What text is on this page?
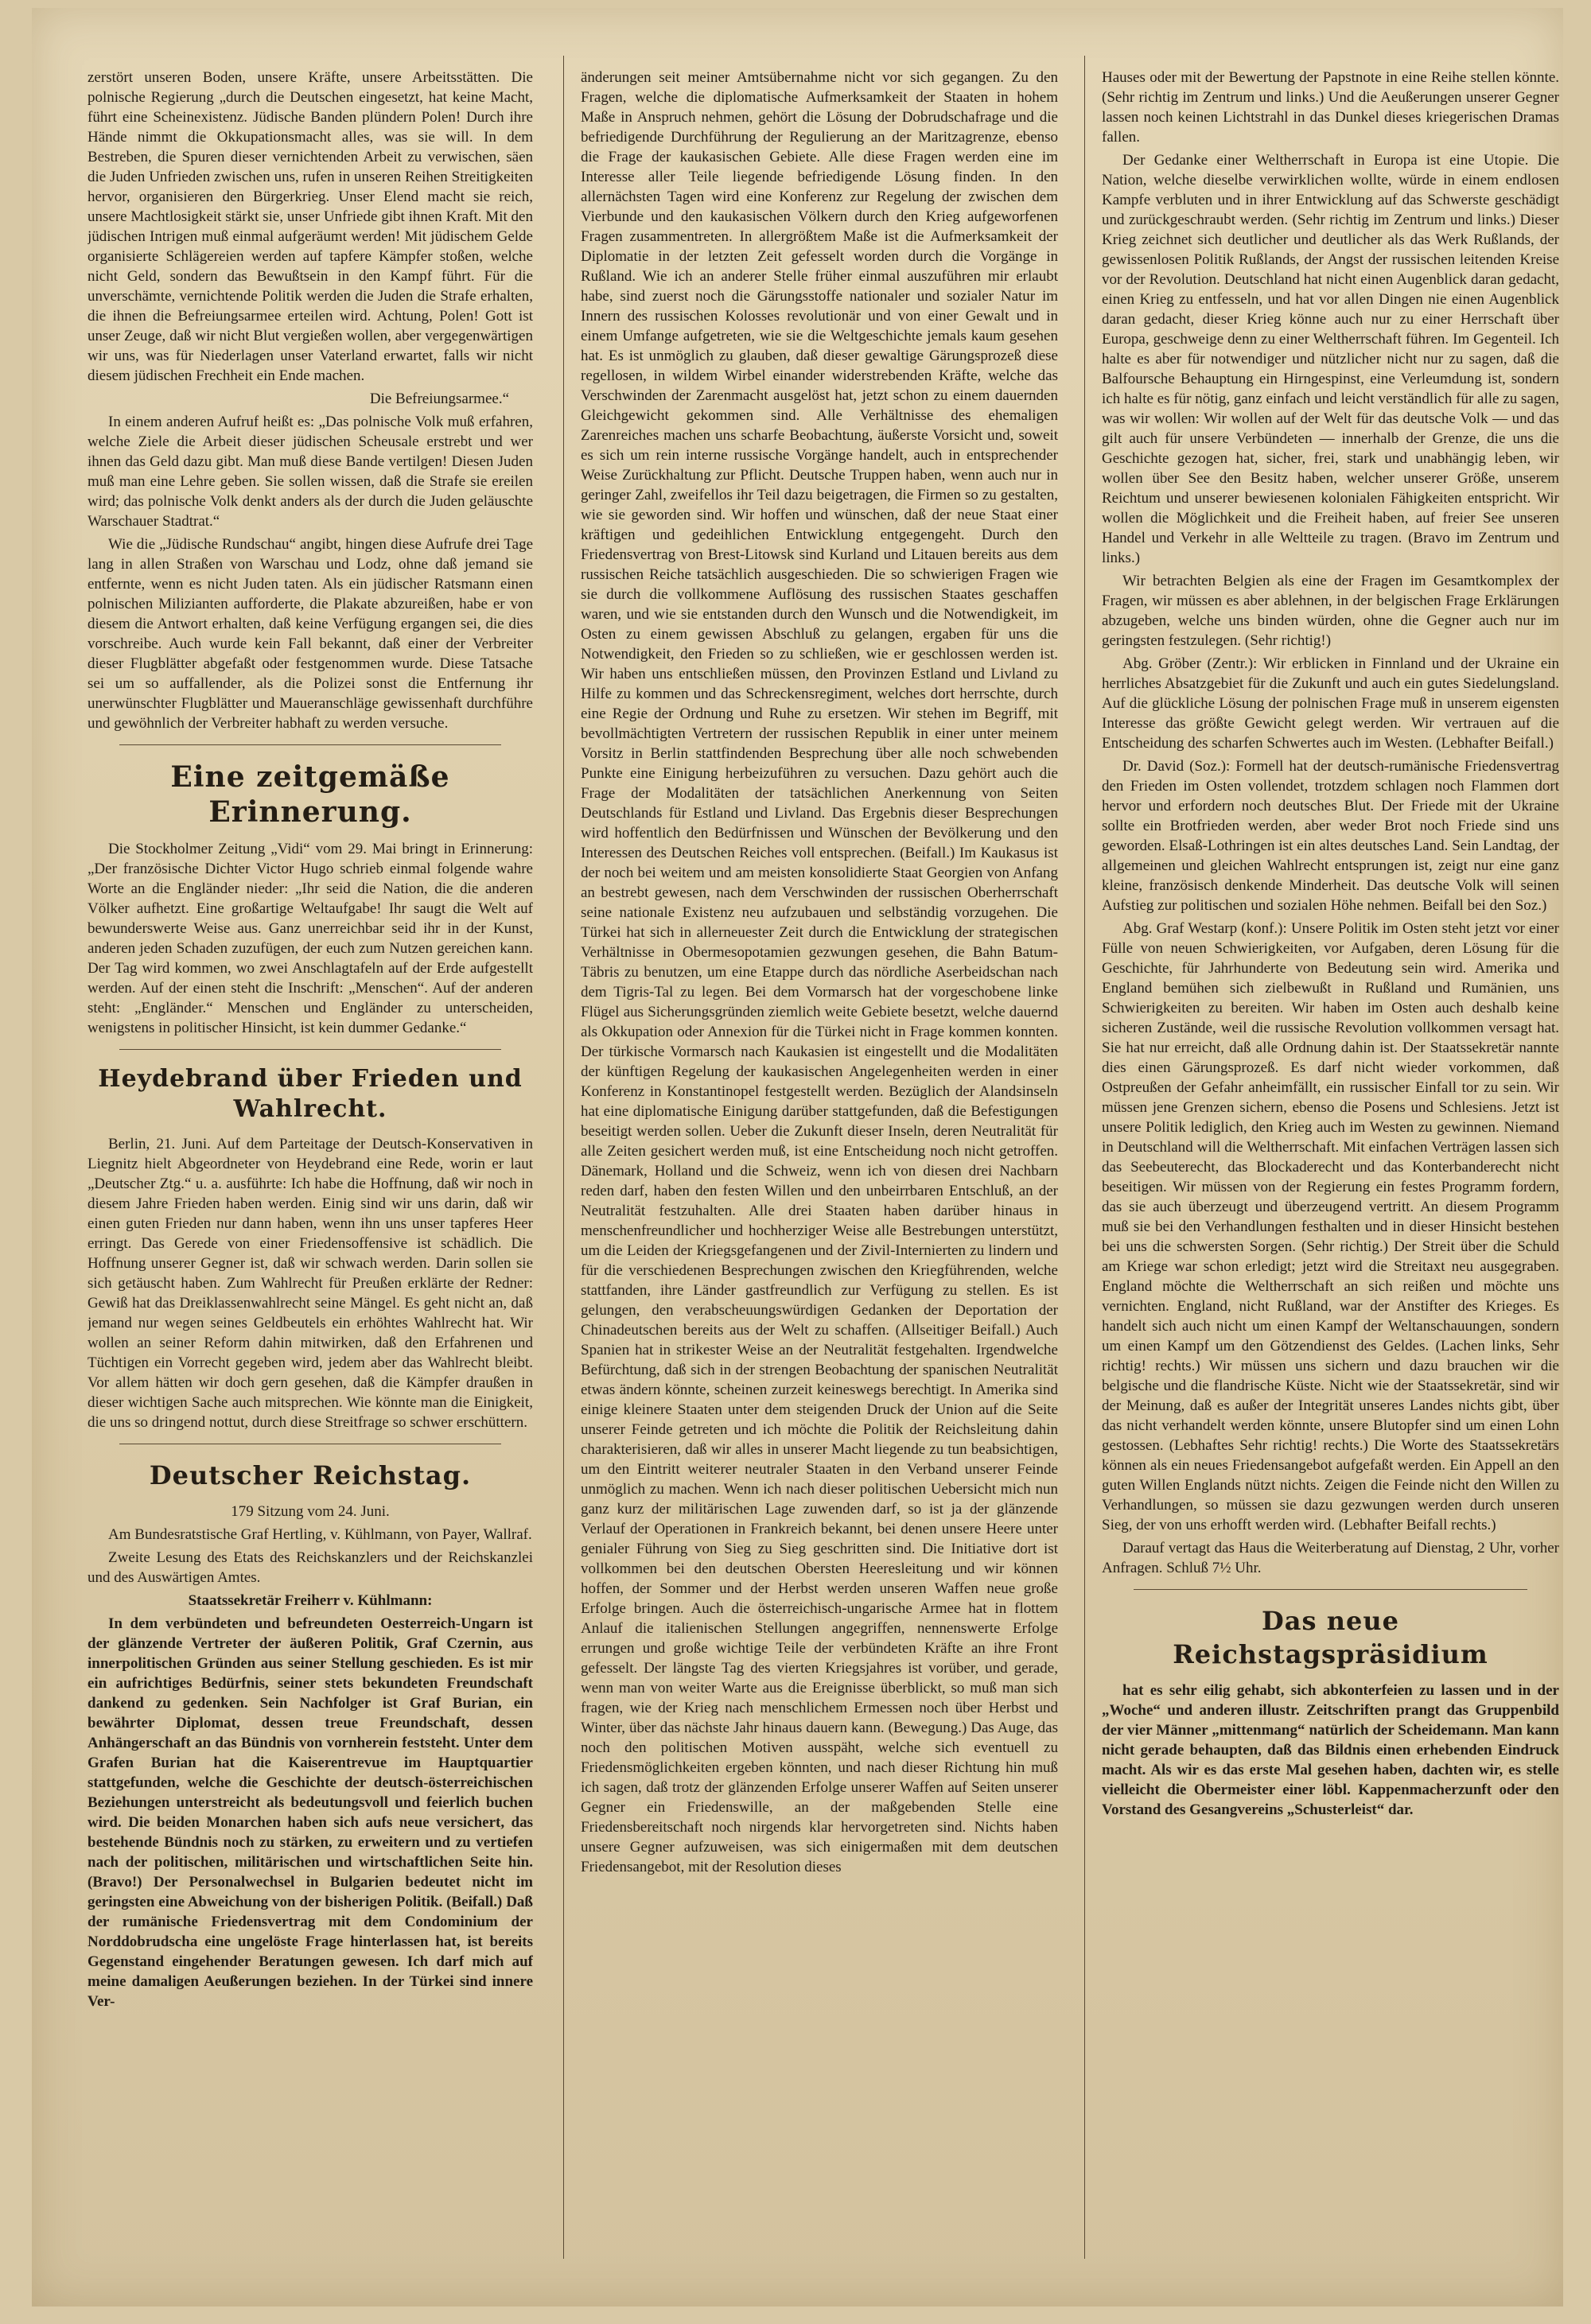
zerstört unseren Boden, unsere Kräfte, unsere Arbeitsstätten. Die polnische Regierung „durch die Deutschen eingesetzt, hat keine Macht, führt eine Scheinexistenz. Jüdische Banden plündern Polen! Durch ihre Hände nimmt die Okkupationsmacht alles, was sie will. In dem Bestreben, die Spuren dieser vernichtenden Arbeit zu verwischen, säen die Juden Unfrieden zwischen uns, rufen in unseren Reihen Streitigkeiten hervor, organisieren den Bürgerkrieg. Unser Elend macht sie reich, unsere Machtlosigkeit stärkt sie, unser Unfriede gibt ihnen Kraft. Mit den jüdischen Intrigen muß einmal aufgeräumt werden! Mit jüdischem Gelde organisierte Schlägereien werden auf tapfere Kämpfer stoßen, welche nicht Geld, sondern das Bewußtsein in den Kampf führt. Für die unverschämte, vernichtende Politik werden die Juden die Strafe erhalten, die ihnen die Befreiungsarmee erteilen wird. Achtung, Polen! Gott ist unser Zeuge, daß wir nicht Blut vergießen wollen, aber vergegenwärtigen wir uns, was für Niederlagen unser Vaterland erwartet, falls wir nicht diesem jüdischen Frechheit ein Ende machen.

Die Befreiungsarmee.“

In einem anderen Aufruf heißt es: „Das polnische Volk muß erfahren, welche Ziele die Arbeit dieser jüdischen Scheusale erstrebt und wer ihnen das Geld dazu gibt. Man muß diese Bande vertilgen! Diesen Juden muß man eine Lehre geben. Sie sollen wissen, daß die Strafe sie ereilen wird; das polnische Volk denkt anders als der durch die Juden geläuschte Warschauer Stadtrat.“

Wie die „Jüdische Rundschau“ angibt, hingen diese Aufrufe drei Tage lang in allen Straßen von Warschau und Lodz, ohne daß jemand sie entfernte, wenn es nicht Juden taten. Als ein jüdischer Ratsmann einen polnischen Milizianten aufforderte, die Plakate abzureißen, habe er von diesem die Antwort erhalten, daß keine Verfügung ergangen sei, die dies vorschreibe. Auch wurde kein Fall bekannt, daß einer der Verbreiter dieser Flugblätter abgefaßt oder festgenommen wurde. Diese Tatsache sei um so auffallender, als die Polizei sonst die Entfernung ihr unerwünschter Flugblätter und Maueranschläge gewissenhaft durchführe und gewöhnlich der Verbreiter habhaft zu werden versuche.

Eine zeitgemäße Erinnerung.

Die Stockholmer Zeitung „Vidi“ vom 29. Mai bringt in Erinnerung: „Der französische Dichter Victor Hugo schrieb einmal folgende wahre Worte an die Engländer nieder: „Ihr seid die Nation, die die anderen Völker aufhetzt. Eine großartige Weltaufgabe! Ihr saugt die Welt auf bewunderswerte Weise aus. Ganz unerreichbar seid ihr in der Kunst, anderen jeden Schaden zuzufügen, der euch zum Nutzen gereichen kann. Der Tag wird kommen, wo zwei Anschlagtafeln auf der Erde aufgestellt werden. Auf der einen steht die Inschrift: „Menschen“. Auf der anderen steht: „Engländer.“ Menschen und Engländer zu unterscheiden, wenigstens in politischer Hinsicht, ist kein dummer Gedanke.“

Heydebrand über Frieden und Wahlrecht.

Berlin, 21. Juni. Auf dem Parteitage der Deutsch-Konservativen in Liegnitz hielt Abgeordneter von Heydebrand eine Rede, worin er laut „Deutscher Ztg.“ u. a. ausführte: Ich habe die Hoffnung, daß wir noch in diesem Jahre Frieden haben werden. Einig sind wir uns darin, daß wir einen guten Frieden nur dann haben, wenn ihn uns unser tapferes Heer erringt. Das Gerede von einer Friedensoffensive ist schädlich. Die Hoffnung unserer Gegner ist, daß wir schwach werden. Darin sollen sie sich getäuscht haben. Zum Wahlrecht für Preußen erklärte der Redner: Gewiß hat das Dreiklassenwahlrecht seine Mängel. Es geht nicht an, daß jemand nur wegen seines Geldbeutels ein erhöhtes Wahlrecht hat. Wir wollen an seiner Reform dahin mitwirken, daß den Erfahrenen und Tüchtigen ein Vorrecht gegeben wird, jedem aber das Wahlrecht bleibt. Vor allem hätten wir doch gern gesehen, daß die Kämpfer draußen in dieser wichtigen Sache auch mitsprechen. Wie könnte man die Einigkeit, die uns so dringend nottut, durch diese Streitfrage so schwer erschüttern.

Deutscher Reichstag.

179 Sitzung vom 24. Juni.

Am Bundesratstische Graf Hertling, v. Kühlmann, von Payer, Wallraf.

Zweite Lesung des Etats des Reichskanzlers und der Reichskanzlei und des Auswärtigen Amtes.

Staatssekretär Freiherr v. Kühlmann:

In dem verbündeten und befreundeten Oesterreich-Ungarn ist der glänzende Vertreter der äußeren Politik, Graf Czernin, aus innerpolitischen Gründen aus seiner Stellung geschieden. Es ist mir ein aufrichtiges Bedürfnis, seiner stets bekundeten Freundschaft dankend zu gedenken. Sein Nachfolger ist Graf Burian, ein bewährter Diplomat, dessen treue Freundschaft, dessen Anhängerschaft an das Bündnis von vornherein feststeht. Unter dem Grafen Burian hat die Kaiserentrevue im Hauptquartier stattgefunden, welche die Geschichte der deutsch-österreichischen Beziehungen unterstreicht als bedeutungsvoll und feierlich buchen wird. Die beiden Monarchen haben sich aufs neue versichert, das bestehende Bündnis noch zu stärken, zu erweitern und zu vertiefen nach der politischen, militärischen und wirtschaftlichen Seite hin. (Bravo!) Der Personalwechsel in Bulgarien bedeutet nicht im geringsten eine Abweichung von der bisherigen Politik. (Beifall.) Daß der rumänische Friedensvertrag mit dem Condominium der Norddobrudscha eine ungelöste Frage hinterlassen hat, ist bereits Gegenstand eingehender Beratungen gewesen. Ich darf mich auf meine damaligen Aeußerungen beziehen. In der Türkei sind innere Ver-

änderungen seit meiner Amtsübernahme nicht vor sich gegangen. Zu den Fragen, welche die diplomatische Aufmerksamkeit der Staaten in hohem Maße in Anspruch nehmen, gehört die Lösung der Dobrudschafrage und die befriedigende Durchführung der Regulierung an der Maritzagrenze, ebenso die Frage der kaukasischen Gebiete. Alle diese Fragen werden eine im Interesse aller Teile liegende befriedigende Lösung finden. In den allernächsten Tagen wird eine Konferenz zur Regelung der zwischen dem Vierbunde und den kaukasischen Völkern durch den Krieg aufgeworfenen Fragen zusammentreten. In allergrößtem Maße ist die Aufmerksamkeit der Diplomatie in der letzten Zeit gefesselt worden durch die Vorgänge in Rußland. Wie ich an anderer Stelle früher einmal auszuführen mir erlaubt habe, sind zuerst noch die Gärungsstoffe nationaler und sozialer Natur im Innern des russischen Kolosses revolutionär und von einer Gewalt und in einem Umfange aufgetreten, wie sie die Weltgeschichte jemals kaum gesehen hat. Es ist unmöglich zu glauben, daß dieser gewaltige Gärungsprozeß diese regellosen, in wildem Wirbel einander widerstrebenden Kräfte, welche das Verschwinden der Zarenmacht ausgelöst hat, jetzt schon zu einem dauernden Gleichgewicht gekommen sind. Alle Verhältnisse des ehemaligen Zarenreiches machen uns scharfe Beobachtung, äußerste Vorsicht und, soweit es sich um rein interne russische Vorgänge handelt, auch in entsprechender Weise Zurückhaltung zur Pflicht. Deutsche Truppen haben, wenn auch nur in geringer Zahl, zweifellos ihr Teil dazu beigetragen, die Firmen so zu gestalten, wie sie geworden sind. Wir hoffen und wünschen, daß der neue Staat einer kräftigen und gedeihlichen Entwicklung entgegengeht. Durch den Friedensvertrag von Brest-Litowsk sind Kurland und Litauen bereits aus dem russischen Reiche tatsächlich ausgeschieden. Die so schwierigen Fragen wie sie durch die vollkommene Auflösung des russischen Staates geschaffen waren, und wie sie entstanden durch den Wunsch und die Notwendigkeit, im Osten zu einem gewissen Abschluß zu gelangen, ergaben für uns die Notwendigkeit, den Frieden so zu schließen, wie er geschlossen werden ist. Wir haben uns entschließen müssen, den Provinzen Estland und Livland zu Hilfe zu kommen und das Schreckensregiment, welches dort herrschte, durch eine Regie der Ordnung und Ruhe zu ersetzen. Wir stehen im Begriff, mit bevollmächtigten Vertretern der russischen Republik in einer unter meinem Vorsitz in Berlin stattfindenden Besprechung über alle noch schwebenden Punkte eine Einigung herbeizuführen zu versuchen. Dazu gehört auch die Frage der Modalitäten der tatsächlichen Anerkennung von Seiten Deutschlands für Estland und Livland. Das Ergebnis dieser Besprechungen wird hoffentlich den Bedürfnissen und Wünschen der Bevölkerung und den Interessen des Deutschen Reiches voll entsprechen. (Beifall.) Im Kaukasus ist der noch bei weitem und am meisten konsolidierte Staat Georgien von Anfang an bestrebt gewesen, nach dem Verschwinden der russischen Oberherrschaft seine nationale Existenz neu aufzubauen und selbständig vorzugehen. Die Türkei hat sich in allerneuester Zeit durch die Entwicklung der strategischen Verhältnisse in Obermesopotamien gezwungen gesehen, die Bahn Batum-Täbris zu benutzen, um eine Etappe durch das nördliche Aserbeidschan nach dem Tigris-Tal zu legen. Bei dem Vormarsch hat der vorgeschobene linke Flügel aus Sicherungsgründen ziemlich weite Gebiete besetzt, welche dauernd als Okkupation oder Annexion für die Türkei nicht in Frage kommen konnten. Der türkische Vormarsch nach Kaukasien ist eingestellt und die Modalitäten der künftigen Regelung der kaukasischen Angelegenheiten werden in einer Konferenz in Konstantinopel festgestellt werden. Bezüglich der Alandsinseln hat eine diplomatische Einigung darüber stattgefunden, daß die Befestigungen beseitigt werden sollen. Ueber die Zukunft dieser Inseln, deren Neutralität für alle Zeiten gesichert werden muß, ist eine Entscheidung noch nicht getroffen. Dänemark, Holland und die Schweiz, wenn ich von diesen drei Nachbarn reden darf, haben den festen Willen und den unbeirrbaren Entschluß, an der Neutralität festzuhalten. Alle drei Staaten haben darüber hinaus in menschenfreundlicher und hochherziger Weise alle Bestrebungen unterstützt, um die Leiden der Kriegsgefangenen und der Zivil-Internierten zu lindern und für die verschiedenen Besprechungen zwischen den Kriegführenden, welche stattfanden, ihre Länder gastfreundlich zur Verfügung zu stellen. Es ist gelungen, den verabscheuungswürdigen Gedanken der Deportation der Chinadeutschen bereits aus der Welt zu schaffen. (Allseitiger Beifall.) Auch Spanien hat in strikester Weise an der Neutralität festgehalten. Irgendwelche Befürchtung, daß sich in der strengen Beobachtung der spanischen Neutralität etwas ändern könnte, scheinen zurzeit keineswegs berechtigt. In Amerika sind einige kleinere Staaten unter dem steigenden Druck der Union auf die Seite unserer Feinde getreten und ich möchte die Politik der Reichsleitung dahin charakterisieren, daß wir alles in unserer Macht liegende zu tun beabsichtigen, um den Eintritt weiterer neutraler Staaten in den Verband unserer Feinde unmöglich zu machen. Wenn ich nach dieser politischen Uebersicht mich nun ganz kurz der militärischen Lage zuwenden darf, so ist ja der glänzende Verlauf der Operationen in Frankreich bekannt, bei denen unsere Heere unter genialer Führung von Sieg zu Sieg geschritten sind. Die Initiative dort ist vollkommen bei den deutschen Obersten Heeresleitung und wir können hoffen, der Sommer und der Herbst werden unseren Waffen neue große Erfolge bringen. Auch die österreichisch-ungarische Armee hat in flottem Anlauf die italienischen Stellungen angegriffen, nennenswerte Erfolge errungen und große wichtige Teile der verbündeten Kräfte an ihre Front gefesselt. Der längste Tag des vierten Kriegsjahres ist vorüber, und gerade, wenn man von weiter Warte aus die Ereignisse überblickt, so muß man sich fragen, wie der Krieg nach menschlichem Ermessen noch über Herbst und Winter, über das nächste Jahr hinaus dauern kann. (Bewegung.) Das Auge, das noch den politischen Motiven ausspäht, welche sich eventuell zu Friedensmöglichkeiten ergeben könnten, und nach dieser Richtung hin muß ich sagen, daß trotz der glänzenden Erfolge unserer Waffen auf Seiten unserer Gegner ein Friedenswille, an der maßgebenden Stelle eine Friedensbereitschaft noch nirgends klar hervorgetreten sind. Nichts haben unsere Gegner aufzuweisen, was sich einigermaßen mit dem deutschen Friedensangebot, mit der Resolution dieses

Hauses oder mit der Bewertung der Papstnote in eine Reihe stellen könnte. (Sehr richtig im Zentrum und links.) Und die Aeußerungen unserer Gegner lassen noch keinen Lichtstrahl in das Dunkel dieses kriegerischen Dramas fallen.

Der Gedanke einer Weltherrschaft in Europa ist eine Utopie. Die Nation, welche dieselbe verwirklichen wollte, würde in einem endlosen Kampfe verbluten und in ihrer Entwicklung auf das Schwerste geschädigt und zurückgeschraubt werden. (Sehr richtig im Zentrum und links.) Dieser Krieg zeichnet sich deutlicher und deutlicher als das Werk Rußlands, der gewissenlosen Politik Rußlands, der Angst der russischen leitenden Kreise vor der Revolution. Deutschland hat nicht einen Augenblick daran gedacht, einen Krieg zu entfesseln, und hat vor allen Dingen nie einen Augenblick daran gedacht, dieser Krieg könne auch nur zu einer Herrschaft über Europa, geschweige denn zu einer Weltherrschaft führen. Im Gegenteil. Ich halte es aber für notwendiger und nützlicher nicht nur zu sagen, daß die Balfoursche Behauptung ein Hirngespinst, eine Verleumdung ist, sondern ich halte es für nötig, ganz einfach und leicht verständlich für alle zu sagen, was wir wollen: Wir wollen auf der Welt für das deutsche Volk — und das gilt auch für unsere Verbündeten — innerhalb der Grenze, die uns die Geschichte gezogen hat, sicher, frei, stark und unabhängig leben, wir wollen über See den Besitz haben, welcher unserer Größe, unserem Reichtum und unserer bewiesenen kolonialen Fähigkeiten entspricht. Wir wollen die Möglichkeit und die Freiheit haben, auf freier See unseren Handel und Verkehr in alle Weltteile zu tragen. (Bravo im Zentrum und links.)

Wir betrachten Belgien als eine der Fragen im Gesamtkomplex der Fragen, wir müssen es aber ablehnen, in der belgischen Frage Erklärungen abzugeben, welche uns binden würden, ohne die Gegner auch nur im geringsten festzulegen. (Sehr richtig!)

Abg. Gröber (Zentr.): Wir erblicken in Finnland und der Ukraine ein herrliches Absatzgebiet für die Zukunft und auch ein gutes Siedelungsland. Auf die glückliche Lösung der polnischen Frage muß in unserem eigensten Interesse das größte Gewicht gelegt werden. Wir vertrauen auf die Entscheidung des scharfen Schwertes auch im Westen. (Lebhafter Beifall.)

Dr. David (Soz.): Formell hat der deutsch-rumänische Friedensvertrag den Frieden im Osten vollendet, trotzdem schlagen noch Flammen dort hervor und erfordern noch deutsches Blut. Der Friede mit der Ukraine sollte ein Brotfrieden werden, aber weder Brot noch Friede sind uns geworden. Elsaß-Lothringen ist ein altes deutsches Land. Sein Landtag, der allgemeinen und gleichen Wahlrecht entsprungen ist, zeigt nur eine ganz kleine, französisch denkende Minderheit. Das deutsche Volk will seinen Aufstieg zur politischen und sozialen Höhe nehmen. Beifall bei den Soz.)

Abg. Graf Westarp (konf.): Unsere Politik im Osten steht jetzt vor einer Fülle von neuen Schwierigkeiten, vor Aufgaben, deren Lösung für die Geschichte, für Jahrhunderte von Bedeutung sein wird. Amerika und England bemühen sich zielbewußt in Rußland und Rumänien, uns Schwierigkeiten zu bereiten. Wir haben im Osten auch deshalb keine sicheren Zustände, weil die russische Revolution vollkommen versagt hat. Sie hat nur erreicht, daß alle Ordnung dahin ist. Der Staatssekretär nannte dies einen Gärungsprozeß. Es darf nicht wieder vorkommen, daß Ostpreußen der Gefahr anheimfällt, ein russischer Einfall tor zu sein. Wir müssen jene Grenzen sichern, ebenso die Posens und Schlesiens. Jetzt ist unsere Politik lediglich, den Krieg auch im Westen zu gewinnen. Niemand in Deutschland will die Weltherrschaft. Mit einfachen Verträgen lassen sich das Seebeuterecht, das Blockaderecht und das Konterbanderecht nicht beseitigen. Wir müssen von der Regierung ein festes Programm fordern, das sie auch überzeugt und überzeugend vertritt. An diesem Programm muß sie bei den Verhandlungen festhalten und in dieser Hinsicht bestehen bei uns die schwersten Sorgen. (Sehr richtig.) Der Streit über die Schuld am Kriege war schon erledigt; jetzt wird die Streitaxt neu ausgegraben. England möchte die Weltherrschaft an sich reißen und möchte uns vernichten. England, nicht Rußland, war der Anstifter des Krieges. Es handelt sich auch nicht um einen Kampf der Weltanschauungen, sondern um einen Kampf um den Götzendienst des Geldes. (Lachen links, Sehr richtig! rechts.) Wir müssen uns sichern und dazu brauchen wir die belgische und die flandrische Küste. Nicht wie der Staatssekretär, sind wir der Meinung, daß es außer der Integrität unseres Landes nichts gibt, über das nicht verhandelt werden könnte, unsere Blutopfer sind um einen Lohn gestossen. (Lebhaftes Sehr richtig! rechts.) Die Worte des Staatssekretärs können als ein neues Friedensangebot aufgefaßt werden. Ein Appell an den guten Willen Englands nützt nichts. Zeigen die Feinde nicht den Willen zu Verhandlungen, so müssen sie dazu gezwungen werden durch unseren Sieg, der von uns erhofft werden wird. (Lebhafter Beifall rechts.)

Darauf vertagt das Haus die Weiterberatung auf Dienstag, 2 Uhr, vorher Anfragen. Schluß 7½ Uhr.

Das neue Reichstagspräsidium

hat es sehr eilig gehabt, sich abkonterfeien zu lassen und in der „Woche“ und anderen illustr. Zeitschriften prangt das Gruppenbild der vier Männer „mittenmang“ natürlich der Scheidemann. Man kann nicht gerade behaupten, daß das Bildnis einen erhebenden Eindruck macht. Als wir es das erste Mal gesehen haben, dachten wir, es stelle vielleicht die Obermeister einer löbl. Kappenmacherzunft oder den Vorstand des Gesangvereins „Schusterleist“ dar.
